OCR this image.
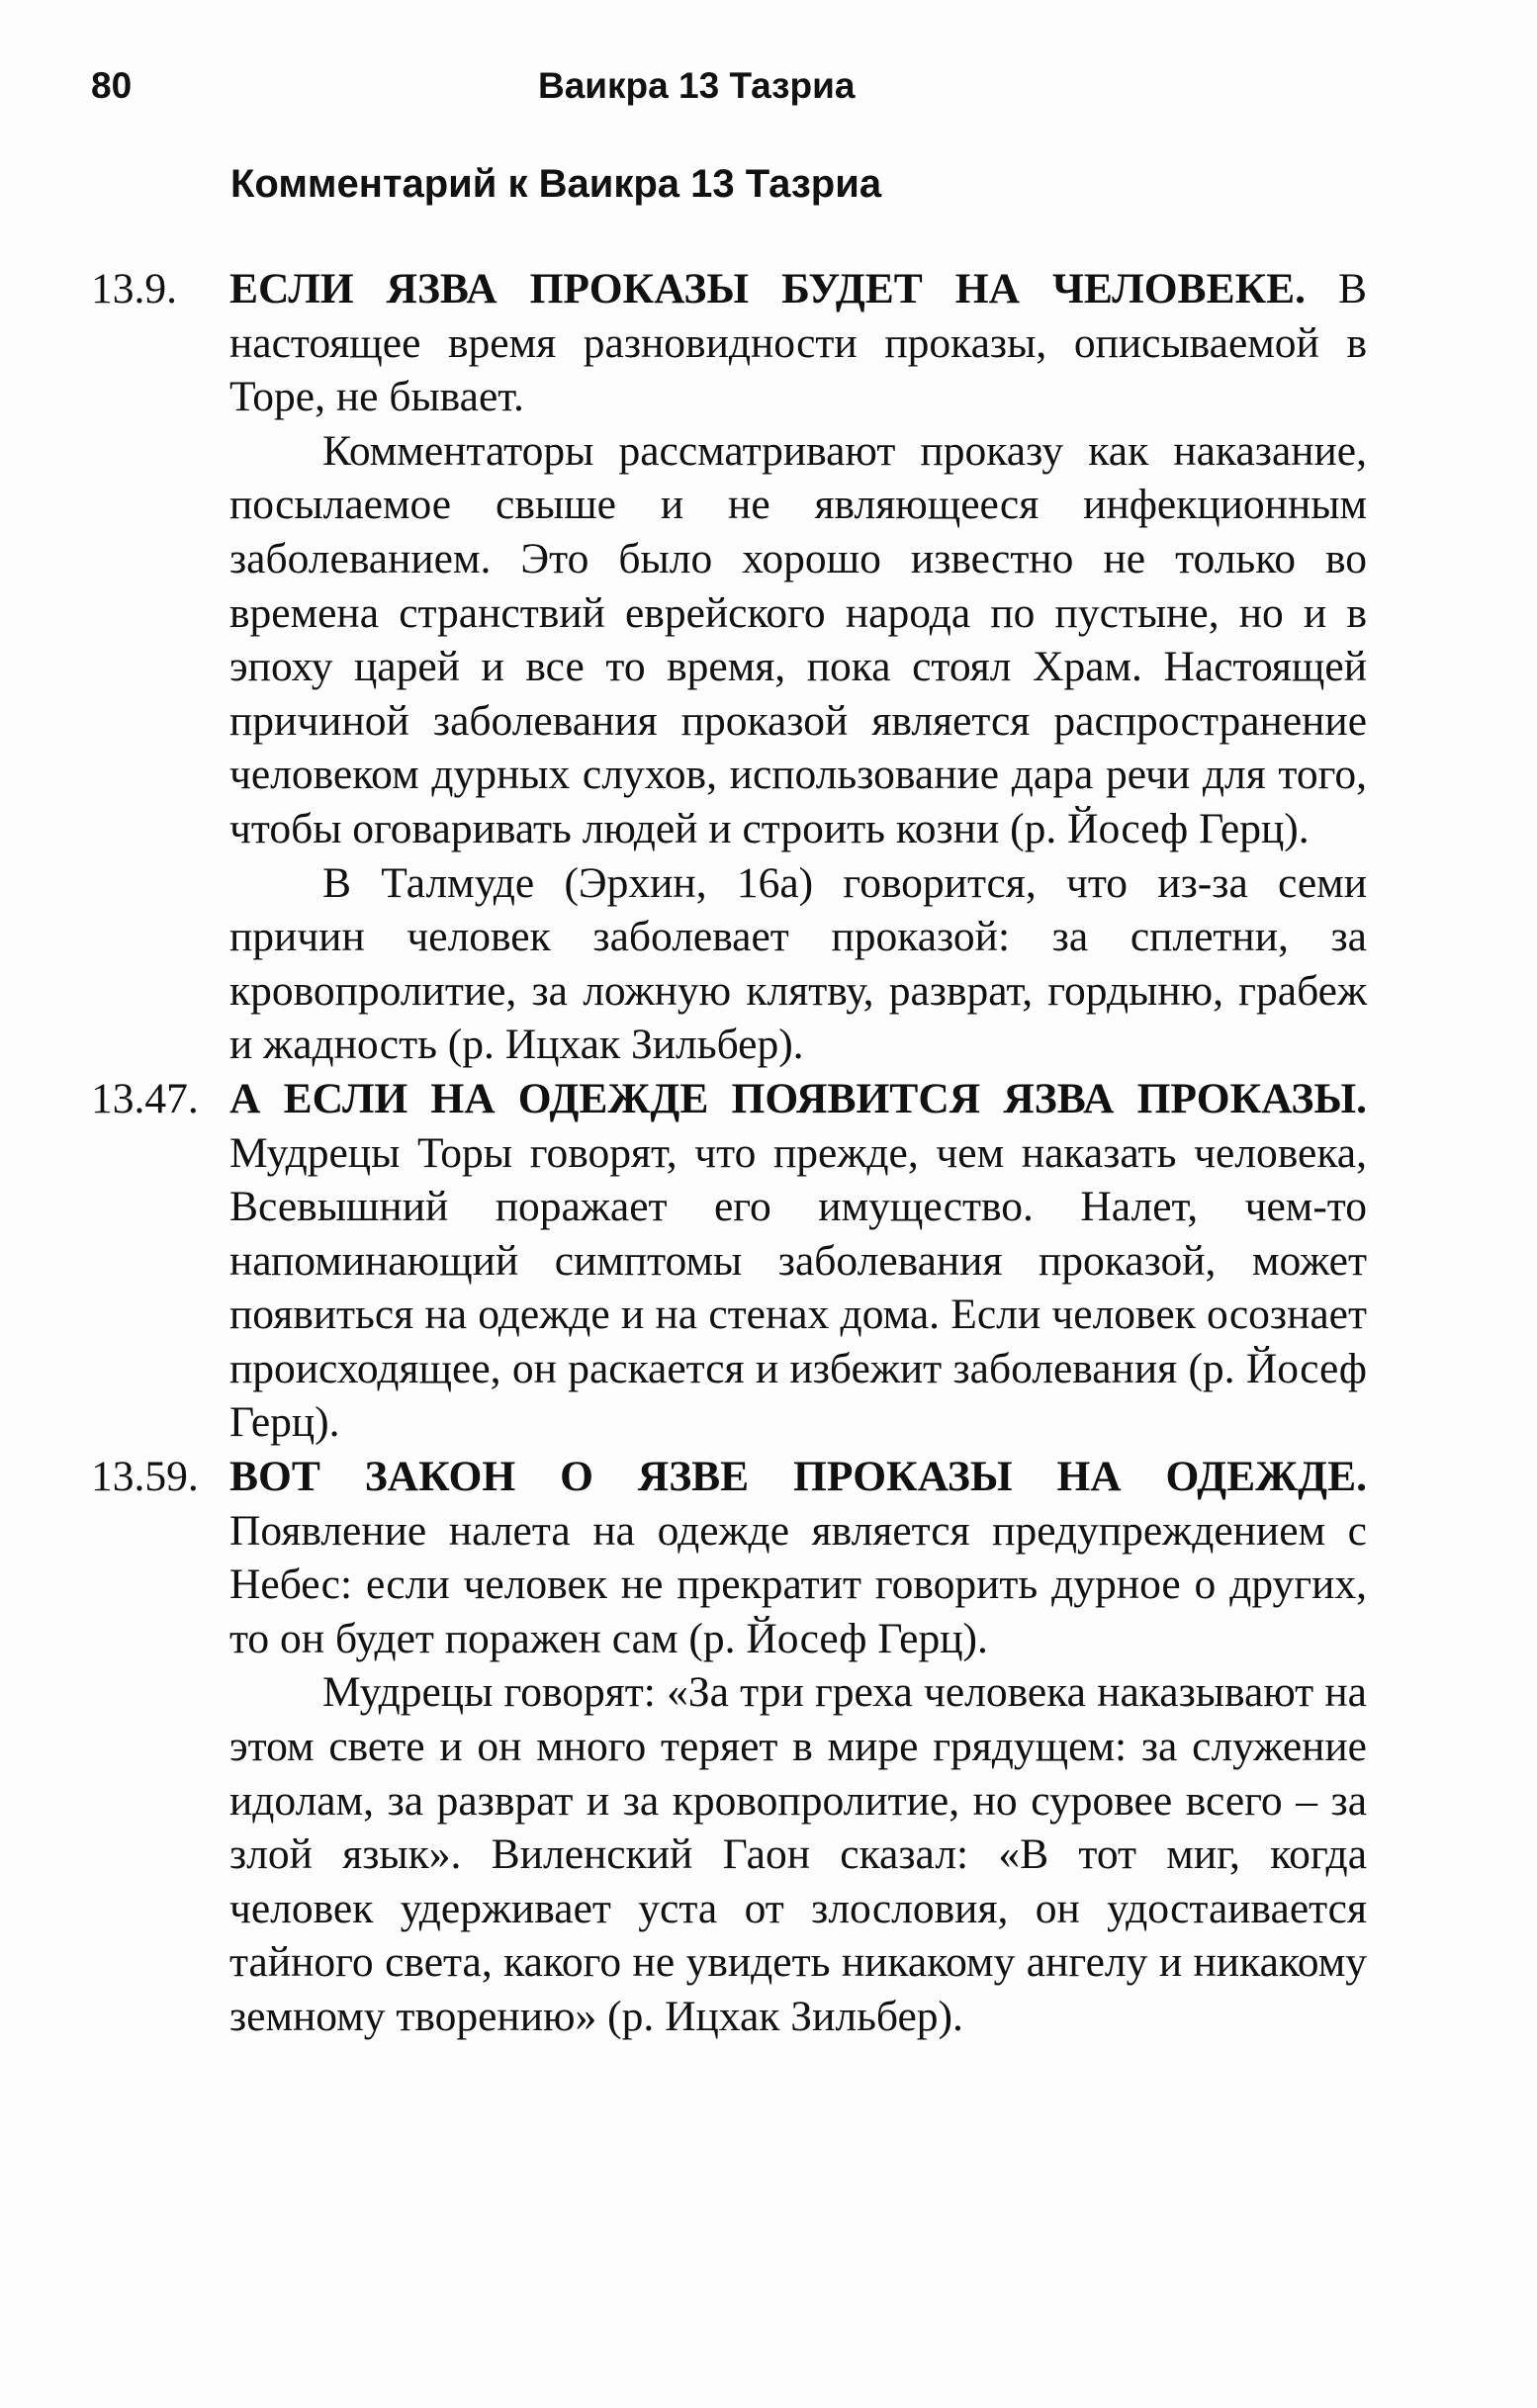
80	Ваикра 13 Тазриа
Комментарий к Ваикра 13 Тазриа
13.9.	ЕСЛИ ЯЗВА ПРОКАЗЫ БУДЕТ НА ЧЕЛОВЕКЕ. В настоящее время разновидности проказы, описываемой в Торе, не бывает.

Комментаторы рассматривают проказу как наказание, посылаемое свыше и не являющееся инфекционным заболеванием. Это было хорошо известно не только во времена странствий еврейского народа по пустыне, но и в эпоху царей и все то время, пока стоял Храм. Настоящей причиной заболевания проказой является распространение человеком дурных слухов, использование дара речи для того, чтобы оговаривать людей и строить козни (р. Йосеф Герц).

В Талмуде (Эрхин, 16а) говорится, что из-за семи причин человек заболевает проказой: за сплетни, за кровопролитие, за ложную клятву, разврат, гордыню, грабеж и жадность (р. Ицхак Зильбер).

13.47. А ЕСЛИ НА ОДЕЖДЕ ПОЯВИТСЯ ЯЗВА ПРОКАЗЫ. Мудрецы Торы говорят, что прежде, чем наказать человека, Всевышний поражает его имущество. Налет, чем-то напоминающий симптомы заболевания проказой, может появиться на одежде и на стенах дома. Если человек осознает происходящее, он раскается и избежит заболевания (р. Йосеф Герц).

13.59. ВОТ ЗАКОН О ЯЗВЕ ПРОКАЗЫ НА ОДЕЖДЕ. Появление налета на одежде является предупреждением с Небес: если человек не прекратит говорить дурное о других, то он будет поражен сам (р. Йосеф Герц).

Мудрецы говорят: «За три греха человека наказывают на этом свете и он много теряет в мире грядущем: за служение идолам, за разврат и за кровопролитие, но суровее всего – за злой язык». Виленский Гаон сказал: «В тот миг, когда человек удерживает уста от злословия, он удостаивается тайного света, какого не увидеть никакому ангелу и никакому земному творению» (р. Ицхак Зильбер).
